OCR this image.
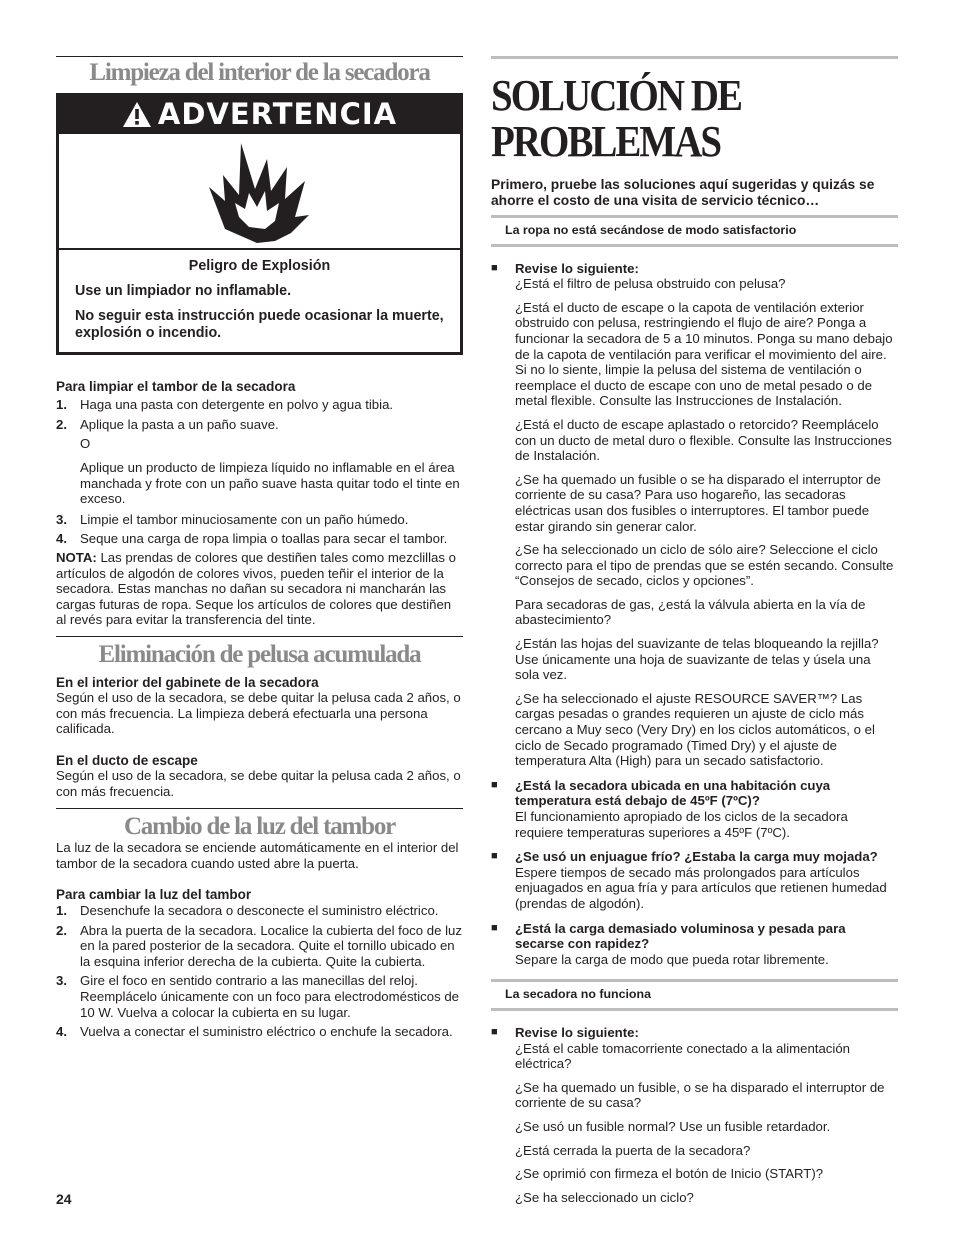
Limpieza del interior de la secadora
ADVERTENCIA

Peligro de Explosión

Use un limpiador no inflamable.

No seguir esta instrucción puede ocasionar la muerte, explosión o incendio.

Para limpiar el tambor de la secadora

1. Haga una pasta con detergente en polvo y agua tibia.
2. Aplique la pasta a un paño suave.

O

Aplique un producto de limpieza líquido no inflamable en el área manchada y frote con un paño suave hasta quitar todo el tinte en exceso.

3. Limpie el tambor minuciosamente con un paño húmedo.
4. Seque una carga de ropa limpia o toallas para secar el tambor.

NOTA: Las prendas de colores que destiñen tales como mezclillas o artículos de algodón de colores vivos, pueden teñir el interior de la secadora. Estas manchas no dañan su secadora ni mancharán las cargas futuras de ropa. Seque los artículos de colores que destiñen al revés para evitar la transferencia del tinte.

Eliminación de pelusa acumulada

En el interior del gabinete de la secadora

Según el uso de la secadora, se debe quitar la pelusa cada 2 años, o con más frecuencia. La limpieza deberá efectuarla una persona calificada.

En el ducto de escape

Según el uso de la secadora, se debe quitar la pelusa cada 2 años, o con más frecuencia.

Cambio de la luz del tambor

La luz de la secadora se enciende automáticamente en el interior del tambor de la secadora cuando usted abre la puerta.

Para cambiar la luz del tambor

1. Desenchufe la secadora o desconecte el suministro eléctrico.
2. Abra la puerta de la secadora. Localice la cubierta del foco de luz en la pared posterior de la secadora. Quite el tornillo ubicado en la esquina inferior derecha de la cubierta. Quite la cubierta.
3. Gire el foco en sentido contrario a las manecillas del reloj. Reemplácelo únicamente con un foco para electrodomésticos de 10 W. Vuelva a colocar la cubierta en su lugar.
4. Vuelva a conectar el suministro eléctrico o enchufe la secadora.
SOLUCIÓN DE PROBLEMAS

Primero, pruebe las soluciones aquí sugeridas y quizás se ahorre el costo de una visita de servicio técnico…

La ropa no está secándose de modo satisfactorio

■	Revise lo siguiente:

¿Está el filtro de pelusa obstruido con pelusa?

¿Está el ducto de escape o la capota de ventilación exterior obstruido con pelusa, restringiendo el flujo de aire? Ponga a funcionar la secadora de 5 a 10 minutos. Ponga su mano debajo de la capota de ventilación para verificar el movimiento del aire. Si no lo siente, limpie la pelusa del sistema de ventilación o reemplace el ducto de escape con uno de metal pesado o de metal flexible. Consulte las Instrucciones de Instalación.

¿Está el ducto de escape aplastado o retorcido? Reemplácelo con un ducto de metal duro o flexible. Consulte las Instrucciones de Instalación.

¿Se ha quemado un fusible o se ha disparado el interruptor de corriente de su casa? Para uso hogareño, las secadoras eléctricas usan dos fusibles o interruptores. El tambor puede estar girando sin generar calor.

¿Se ha seleccionado un ciclo de sólo aire? Seleccione el ciclo correcto para el tipo de prendas que se estén secando. Consulte “Consejos de secado, ciclos y opciones”.

Para secadoras de gas, ¿está la válvula abierta en la vía de abastecimiento?

¿Están las hojas del suavizante de telas bloqueando la rejilla? Use únicamente una hoja de suavizante de telas y úsela una sola vez.

¿Se ha seleccionado el ajuste RESOURCE SAVER™? Las cargas pesadas o grandes requieren un ajuste de ciclo más cercano a Muy seco (Very Dry) en los ciclos automáticos, o el ciclo de Secado programado (Timed Dry) y el ajuste de temperatura Alta (High) para un secado satisfactorio.

■	¿Está la secadora ubicada en una habitación cuya temperatura está debajo de 45ºF (7ºC)?

El funcionamiento apropiado de los ciclos de la secadora requiere temperaturas superiores a 45ºF (7ºC).

■	¿Se usó un enjuague frío? ¿Estaba la carga muy mojada?

Espere tiempos de secado más prolongados para artículos enjuagados en agua fría y para artículos que retienen humedad (prendas de algodón).

■	¿Está la carga demasiado voluminosa y pesada para secarse con rapidez?

Separe la carga de modo que pueda rotar libremente.

La secadora no funciona

■	Revise lo siguiente:

¿Está el cable tomacorriente conectado a la alimentación eléctrica?

¿Se ha quemado un fusible, o se ha disparado el interruptor de corriente de su casa?

¿Se usó un fusible normal? Use un fusible retardador.

¿Está cerrada la puerta de la secadora?

¿Se oprimió con firmeza el botón de Inicio (START)?

¿Se ha seleccionado un ciclo?

24
